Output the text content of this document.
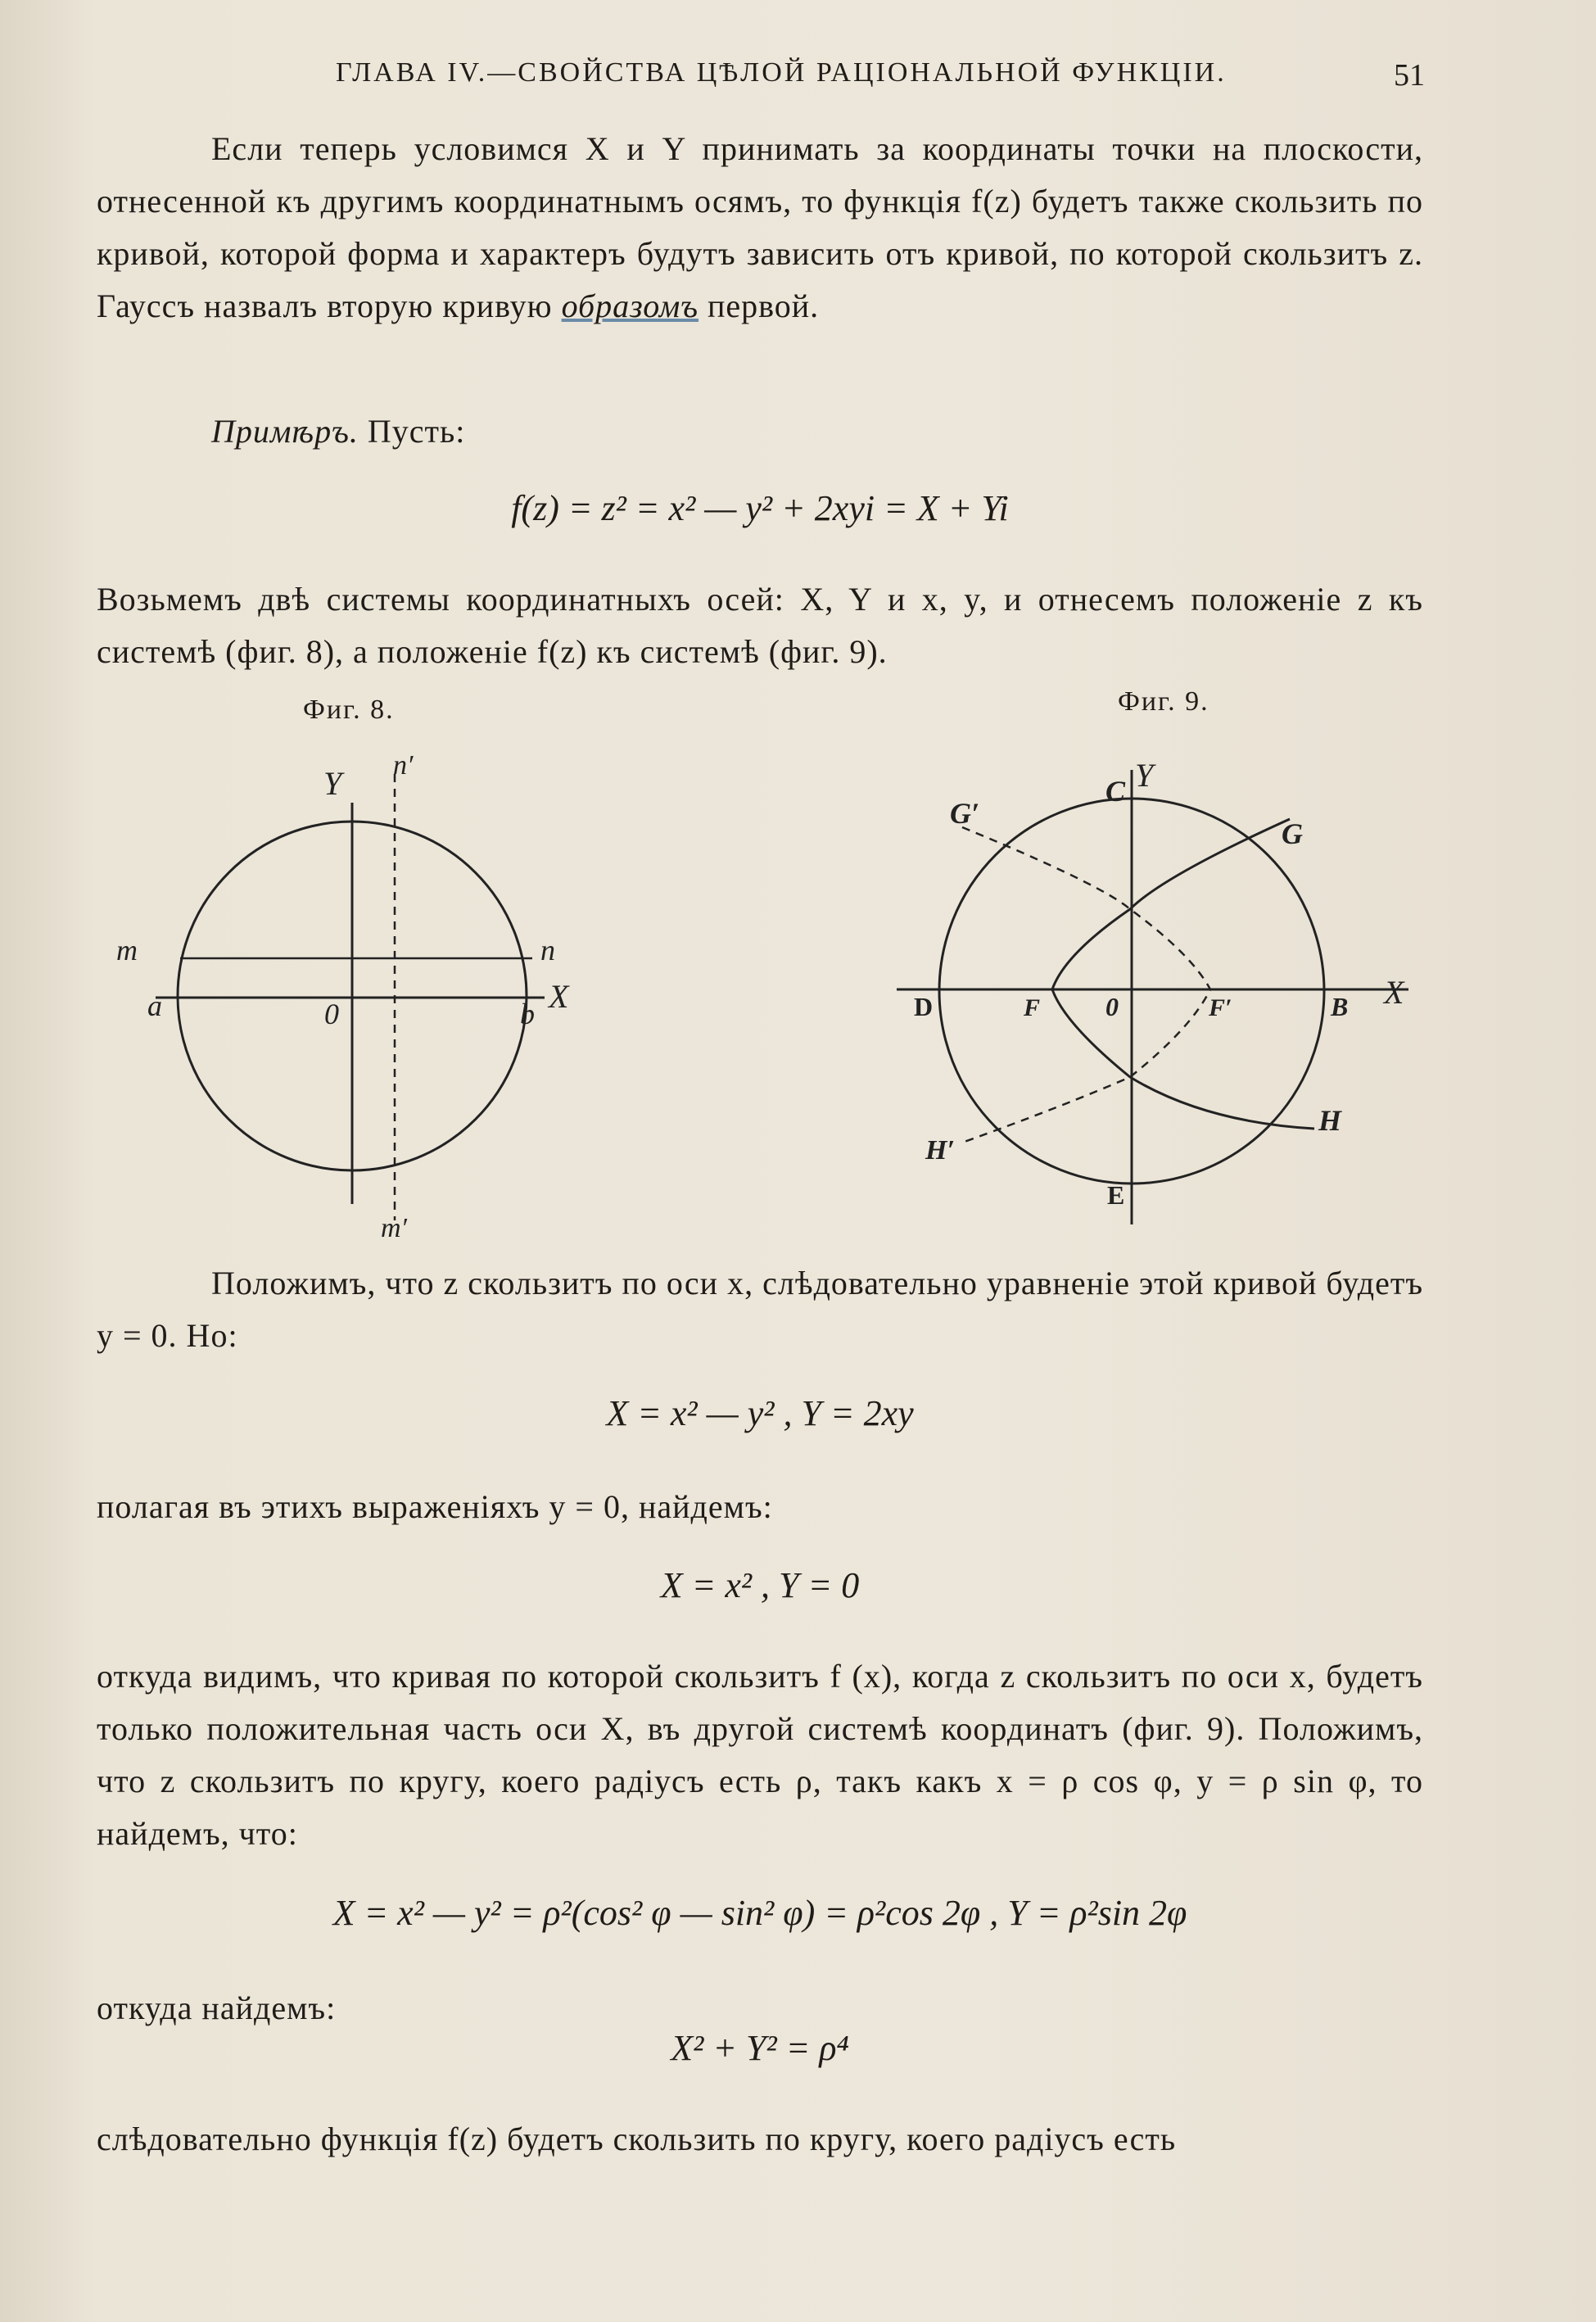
ГЛАВА IV.—СВОЙСТВА ЦѢЛОЙ РАЦІОНАЛЬНОЙ ФУНКЦІИ.	51

Если теперь условимся X и Y принимать за координаты точки на плоскости, отнесенной къ другимъ координатнымъ осямъ, то функція f(z) будетъ также скользить по кривой, которой форма и характеръ будутъ зависить отъ кривой, по которой скользитъ z. Гауссъ назвалъ вторую кривую образомъ первой.

Примѣръ. Пусть:

f(z) = z² = x² — y² + 2xyi = X + Yi

Возьмемъ двѣ системы координатныхъ осей: X, Y и x, y, и отнесемъ положеніе z къ системѣ (фиг. 8), а положеніе f(z) къ системѣ (фиг. 9).

Фиг. 8.	Фиг. 9.
Y n′
m	n
a	0	b X
m′
C Y
G′
G
D	F 0	F′	B X
H
H′
E

Положимъ, что z скользитъ по оси x, слѣдовательно уравненіе этой кривой будетъ y = 0. Но:

X = x² — y² , Y = 2xy

полагая въ этихъ выраженіяхъ y = 0, найдемъ:

X = x² , Y = 0

откуда видимъ, что кривая по которой скользитъ f (x), когда z скользитъ по оси x, будетъ только положительная часть оси X, въ другой системѣ координатъ (фиг. 9). Положимъ, что z скользитъ по кругу, коего радіусъ есть ρ, такъ какъ x = ρ cos φ, y = ρ sin φ, то найдемъ, что:

X = x² — y² = ρ²(cos² φ — sin² φ) = ρ²cos 2φ , Y = ρ²sin 2φ

откуда найдемъ:

X² + Y² = ρ⁴

слѣдовательно функція f(z) будетъ скользить по кругу, коего радіусъ есть
